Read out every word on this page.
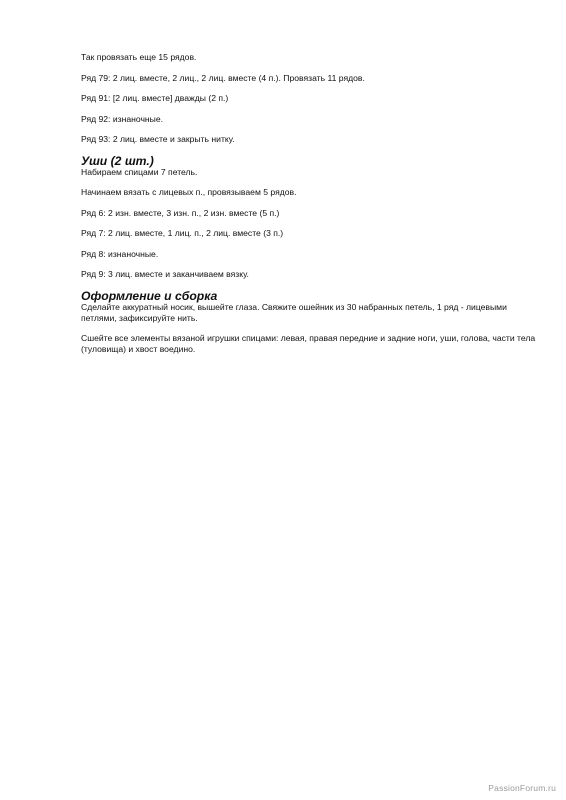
Так провязать еще 15 рядов.

Ряд 79: 2 лиц. вместе, 2 лиц., 2 лиц. вместе (4 п.). Провязать 11 рядов.

Ряд 91: [2 лиц. вместе] дважды (2 п.)

Ряд 92: изнаночные.

Ряд 93: 2 лиц. вместе и закрыть нитку.

Уши (2 шт.)

Набираем спицами 7 петель.

Начинаем вязать с лицевых п., провязываем 5 рядов.

Ряд 6: 2 изн. вместе, 3 изн. п., 2 изн. вместе (5 п.)

Ряд 7: 2 лиц. вместе, 1 лиц. п., 2 лиц. вместе (3 п.)

Ряд 8: изнаночные.

Ряд 9: 3 лиц. вместе и заканчиваем вязку.

Оформление и сборка

Сделайте аккуратный носик, вышейте глаза. Свяжите ошейник из 30 набранных петель, 1 ряд - лицевыми петлями, зафиксируйте нить.

Сшейте все элементы вязаной игрушки спицами: левая, правая передние и задние ноги, уши, голова, части тела (туловища) и хвост воедино.

PassionForum.ru
